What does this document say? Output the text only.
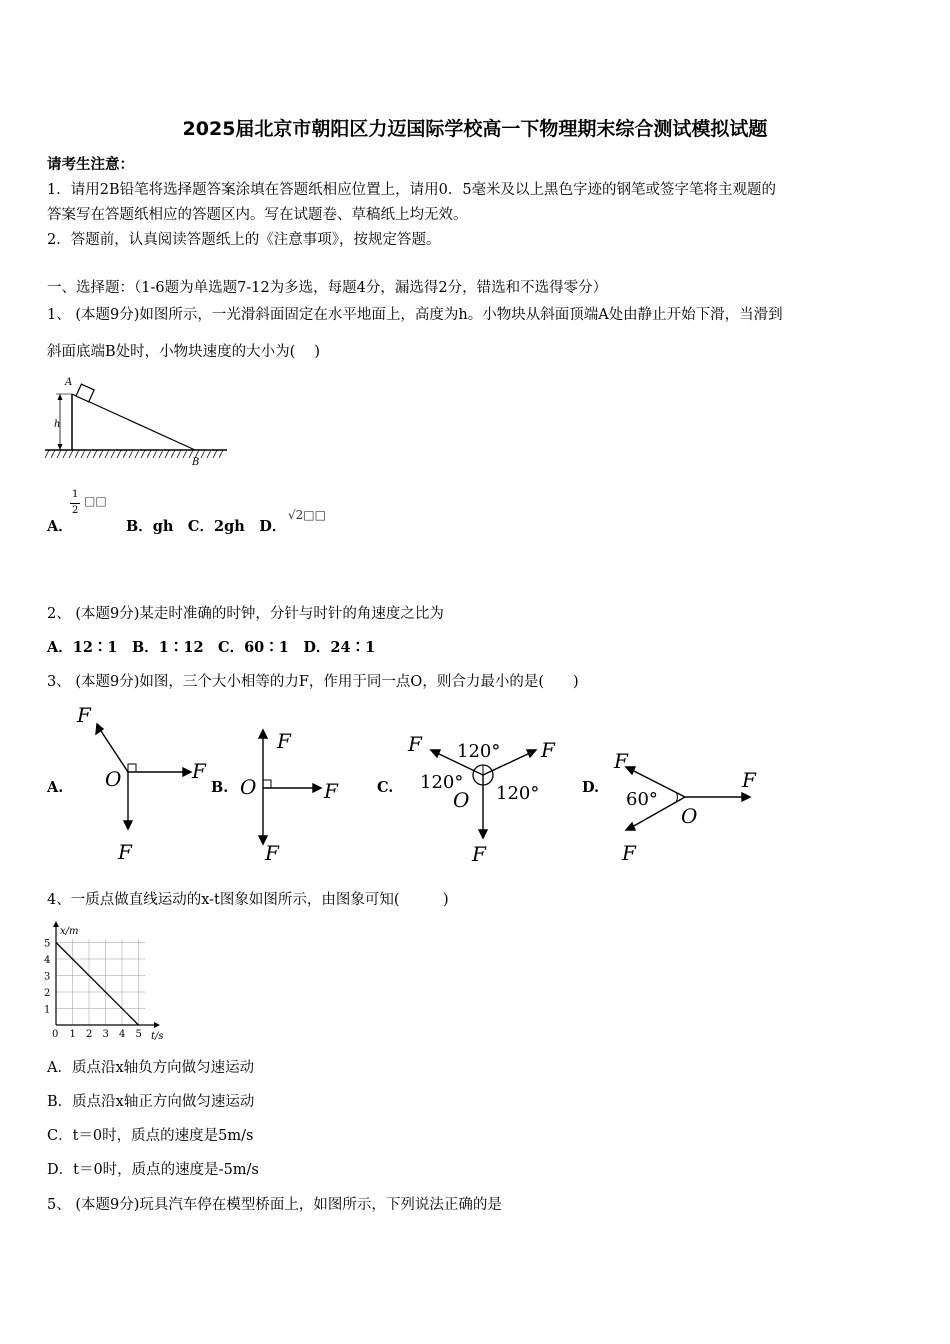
2025届北京市朝阳区力迈国际学校高一下物理期末综合测试模拟试题
请考生注意：
1．请用2B铅笔将选择题答案涂填在答题纸相应位置上，请用0．5毫米及以上黑色字迹的钢笔或签字笔将主观题的
答案写在答题纸相应的答题区内。写在试题卷、草稿纸上均无效。
2．答题前，认真阅读答题纸上的《注意事项》，按规定答题。
一、选择题：（1-6题为单选题7-12为多选，每题4分，漏选得2分，错选和不选得零分）
1、 (本题9分)如图所示，一光滑斜面固定在水平地面上，高度为h。小物块从斜面顶端A处由静止开始下滑，当滑到
斜面底端B处时，小物块速度的大小为(　 )
A
h
B
A．
1
2
□□
B．gh　C．2gh　D．
√2□□
2、 (本题9分)某走时准确的时钟，分针与时针的角速度之比为
A．12∶1　B．1∶12　C．60∶1　D．24∶1
3、 (本题9分)如图，三个大小相等的力F，作用于同一点O，则合力最小的是(　　)
A.
F
F
F
O	B.
F
F
F
O	C.
F	F
F
O
120°
120°
120°	D.
F
F
F
O
60°
4、一质点做直线运动的x-t图象如图所示，由图象可知(　　　)
0 1 2 3 4 5
1
2
3
4
5
x/m
t/s
A．质点沿x轴负方向做匀速运动
B．质点沿x轴正方向做匀速运动
C．t＝0时，质点的速度是5m/s
D．t＝0时，质点的速度是-5m/s
5、 (本题9分)玩具汽车停在模型桥面上，如图所示，下列说法正确的是
